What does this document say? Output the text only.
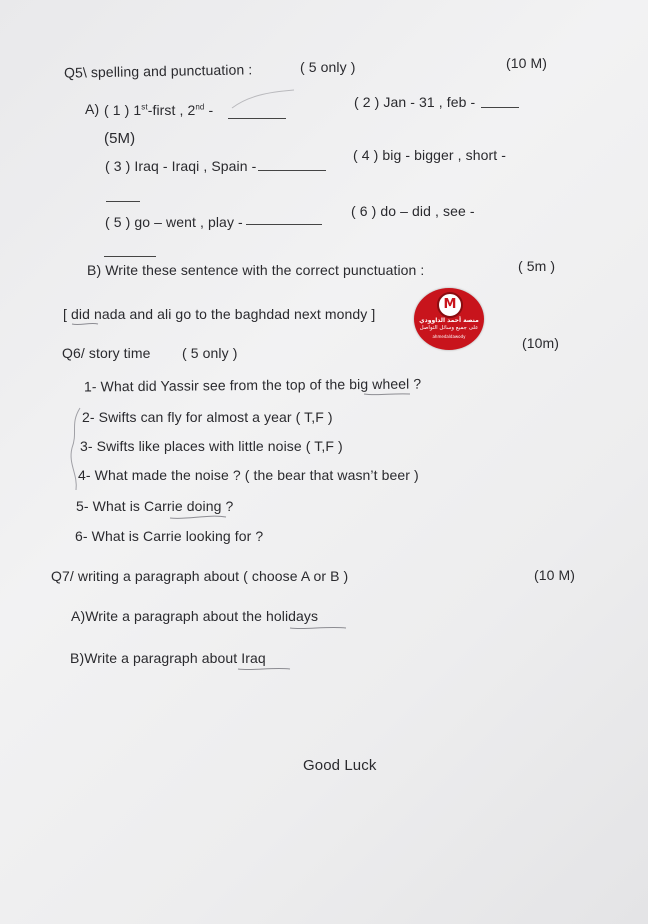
Q5\ spelling and punctuation :	( 5 only )	(10 M)
A) ( 1 ) 1st-first , 2nd -	( 2 ) Jan - 31 , feb -
(5M)
( 3 ) Iraq - Iraqi , Spain -
( 4 ) big - bigger , short -
( 5 ) go – went , play -
( 6 ) do – did , see -
B) Write these sentence with the correct punctuation :	( 5m )
[ did nada and ali go to the baghdad next mondy ]
M
منصة أحمد الداوودي
على جميع وسائل التواصل
ahmedaldawody
Q6/ story time ( 5 only )
(10m)
1- What did Yassir see from the top of the big wheel ?
2- Swifts can fly for almost a year ( T,F )
3- Swifts like places with little noise ( T,F )
4- What made the noise ? ( the bear that wasn’t beer )
5- What is Carrie doing ?
6- What is Carrie looking for ?
Q7/ writing a paragraph about ( choose A or B )	(10 M)
A)Write a paragraph about the holidays
B)Write a paragraph about Iraq
Good Luck
